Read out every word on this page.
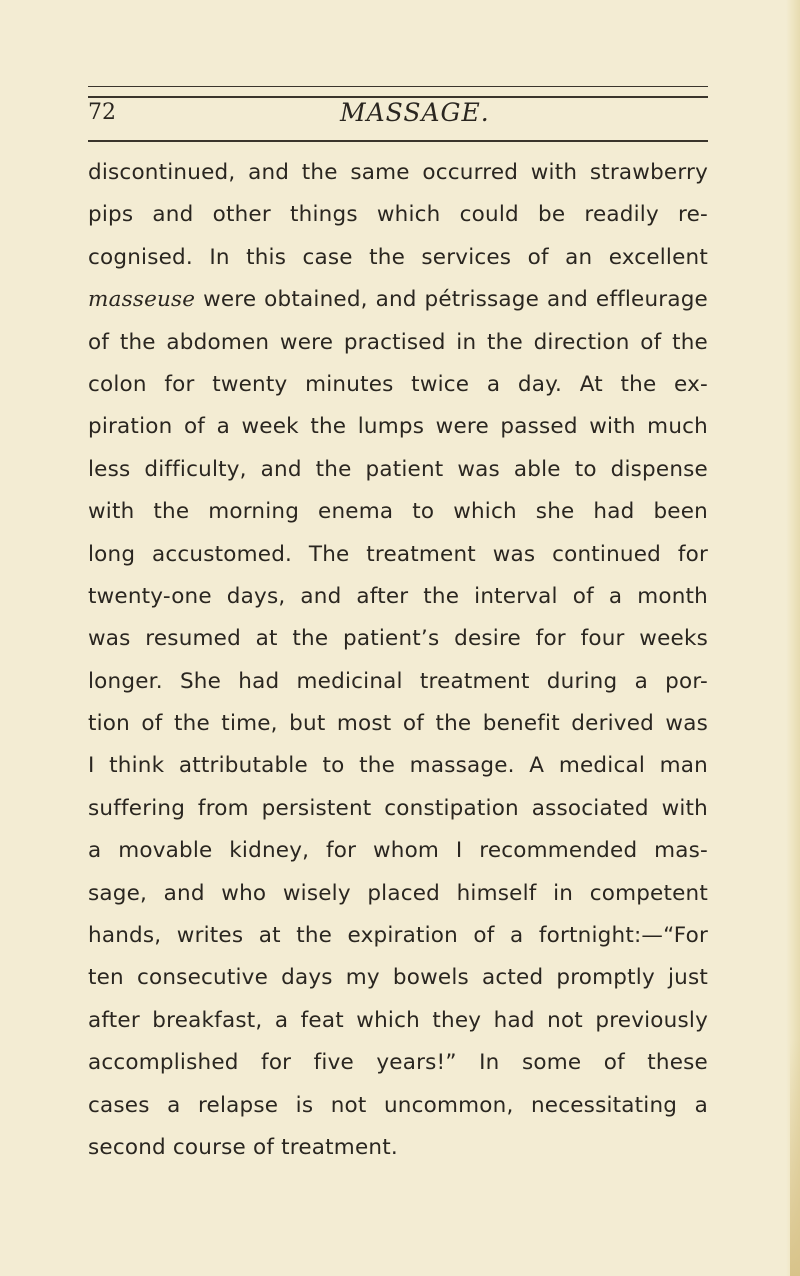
72	MASSAGE.
discontinued, and the same occurred with strawberry
pips and other things which could be readily re-
cognised. In this case the services of an excellent
masseuse were obtained, and pétrissage and effleurage
of the abdomen were practised in the direction of the
colon for twenty minutes twice a day. At the ex-
piration of a week the lumps were passed with much
less difficulty, and the patient was able to dispense
with the morning enema to which she had been
long accustomed. The treatment was continued for
twenty-one days, and after the interval of a month
was resumed at the patient’s desire for four weeks
longer. She had medicinal treatment during a por-
tion of the time, but most of the benefit derived was
I think attributable to the massage. A medical man
suffering from persistent constipation associated with
a movable kidney, for whom I recommended mas-
sage, and who wisely placed himself in competent
hands, writes at the expiration of a fortnight:—“For
ten consecutive days my bowels acted promptly just
after breakfast, a feat which they had not previously
accomplished for five years!” In some of these
cases a relapse is not uncommon, necessitating a
second course of treatment.
